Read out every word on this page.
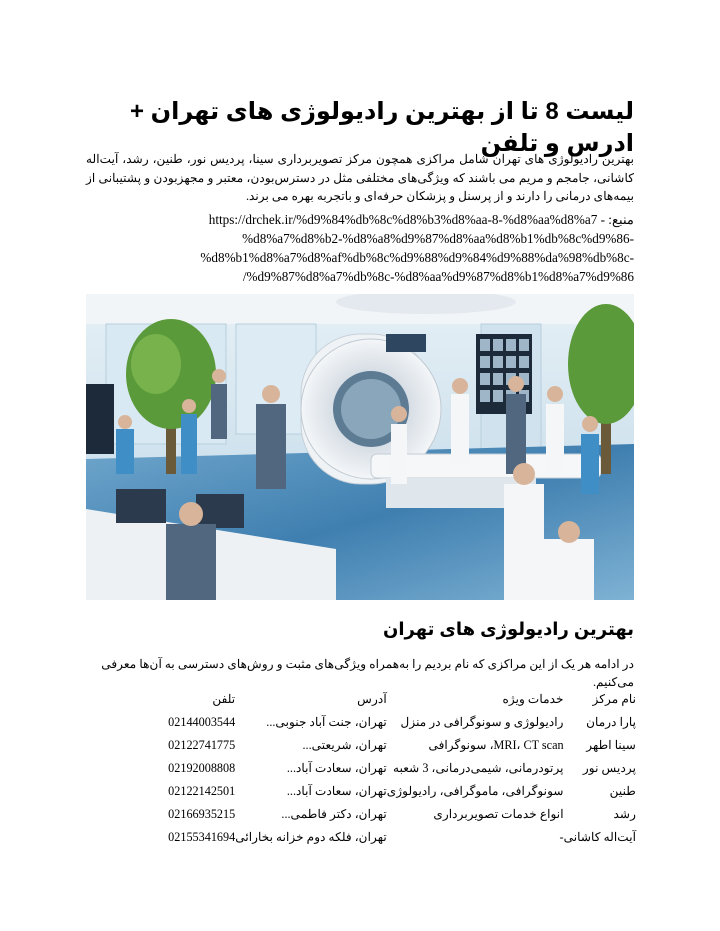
لیست 8 تا از بهترین رادیولوژی های تهران + ادرس و تلفن

بهترین رادیولوژی های تهران شامل مراکزی همچون مرکز تصویربرداری سینا، پردیس نور، طنین، رشد، آیت‌اله کاشانی، جامجم و مریم می باشند که ویژگی‌های مختلفی مثل در دسترس‌بودن، معتبر و مجهزبودن و پشتیبانی از بیمه‌های درمانی را دارند و از پرسنل و پزشکان حرفه‌ای و باتجربه بهره می برند.

https://drchek.ir/%d9%84%db%8c%d8%b3%d8%aa-8-%d8%aa%d8%a7 منبع: -
%d8%a7%d8%b2-%d8%a8%d9%87%d8%aa%d8%b1%db%8c%d9%86-
%d8%b1%d8%a7%d8%af%db%8c%d9%88%d9%84%d9%88%da%98%db%8c-
/%d9%87%d8%a7%db%8c-%d8%aa%d9%87%d8%b1%d8%a7%d9%86

بهترین رادیولوژی های تهران

در ادامه هر یک از این مراکزی که نام بردیم را به‌همراه ویژگی‌های مثبت و روش‌های دسترسی به آن‌ها معرفی می‌کنیم.

نام مرکز	خدمات ویژه	آدرس	تلفن
پارا درمان	رادیولوژی و سونوگرافی در منزل	تهران، جنت آباد جنوبی...	02144003544
سینا اطهر	MRI، CT scan، سونوگرافی	تهران، شریعتی...	02122741775
پردیس نور	پرتودرمانی، شیمی‌درمانی، 3 شعبه	تهران، سعادت آباد...	02192008808
طنین	سونوگرافی، ماموگرافی، رادیولوژی	تهران، سعادت آباد...	02122142501
رشد	انواع خدمات تصویربرداری	تهران، دکتر فاطمی...	02166935215
آیت‌اله کاشانی	-	تهران، فلکه دوم خزانه بخارائی	02155341694
